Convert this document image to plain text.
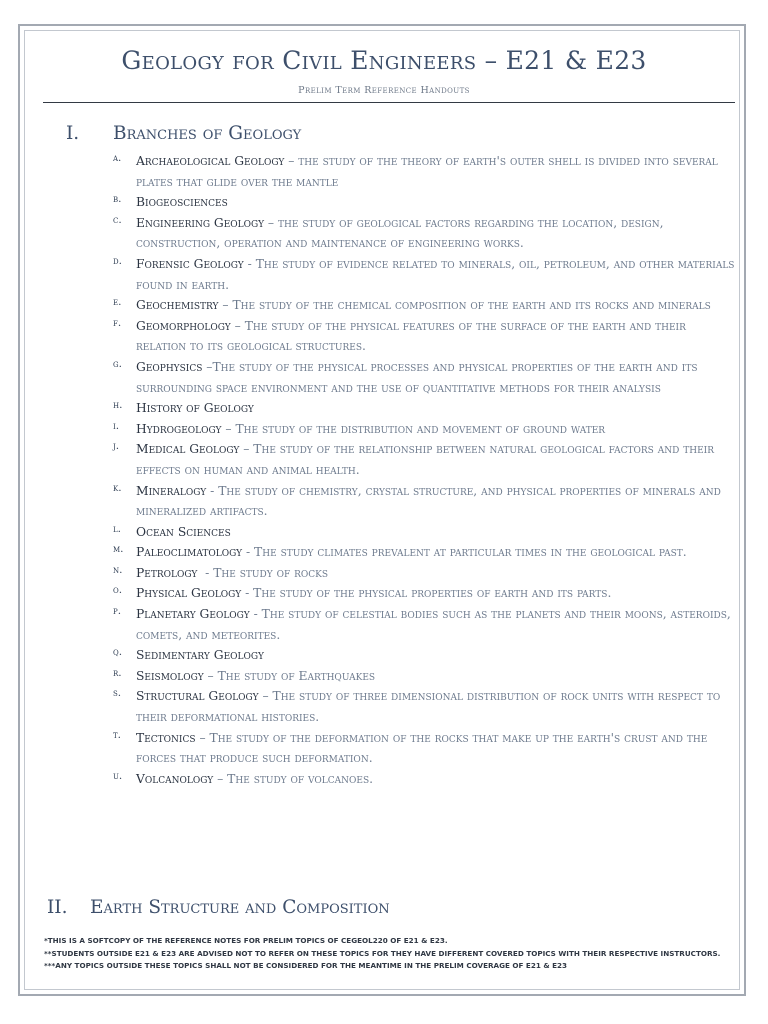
Geology for Civil Engineers – E21 & E23
Prelim Term Reference Handouts
I. Branches of Geology
a. Archaeological Geology – the study of the theory of earth's outer shell is divided into several plates that glide over the mantle
b. Biogeosciences
c. Engineering Geology – the study of geological factors regarding the location, design, construction, operation and maintenance of engineering works.
d. Forensic Geology - The study of evidence related to minerals, oil, petroleum, and other materials found in earth.
e. Geochemistry – The study of the chemical composition of the earth and its rocks and minerals
f. Geomorphology – The study of the physical features of the surface of the earth and their relation to its geological structures.
g. Geophysics –The study of the physical processes and physical properties of the earth and its surrounding space environment and the use of quantitative methods for their analysis
h. History of Geology
i. Hydrogeology – The study of the distribution and movement of ground water
j. Medical Geology – The study of the relationship between natural geological factors and their effects on human and animal health.
k. Mineralogy - The study of chemistry, crystal structure, and physical properties of minerals and mineralized artifacts.
l. Ocean Sciences
m. Paleoclimatology - The study climates prevalent at particular times in the geological past.
n. Petrology  - The study of rocks
o. Physical Geology - The study of the physical properties of earth and its parts.
p. Planetary Geology - The study of celestial bodies such as the planets and their moons, asteroids, comets, and meteorites.
q. Sedimentary Geology
r. Seismology – The study of Earthquakes
s. Structural Geology – The study of three dimensional distribution of rock units with respect to their deformational histories.
t. Tectonics – The study of the deformation of the rocks that make up the earth's crust and the forces that produce such deformation.
u. Volcanology – The study of volcanoes.
II. Earth Structure and Composition
*THIS IS A SOFTCOPY OF THE REFERENCE NOTES FOR PRELIM TOPICS OF CEGEOL220 OF E21 & E23.
**STUDENTS OUTSIDE E21 & E23 ARE ADVISED NOT TO REFER ON THESE TOPICS FOR THEY HAVE DIFFERENT COVERED TOPICS WITH THEIR RESPECTIVE INSTRUCTORS.
***ANY TOPICS OUTSIDE THESE TOPICS SHALL NOT BE CONSIDERED FOR THE MEANTIME IN THE PRELIM COVERAGE OF E21 & E23
